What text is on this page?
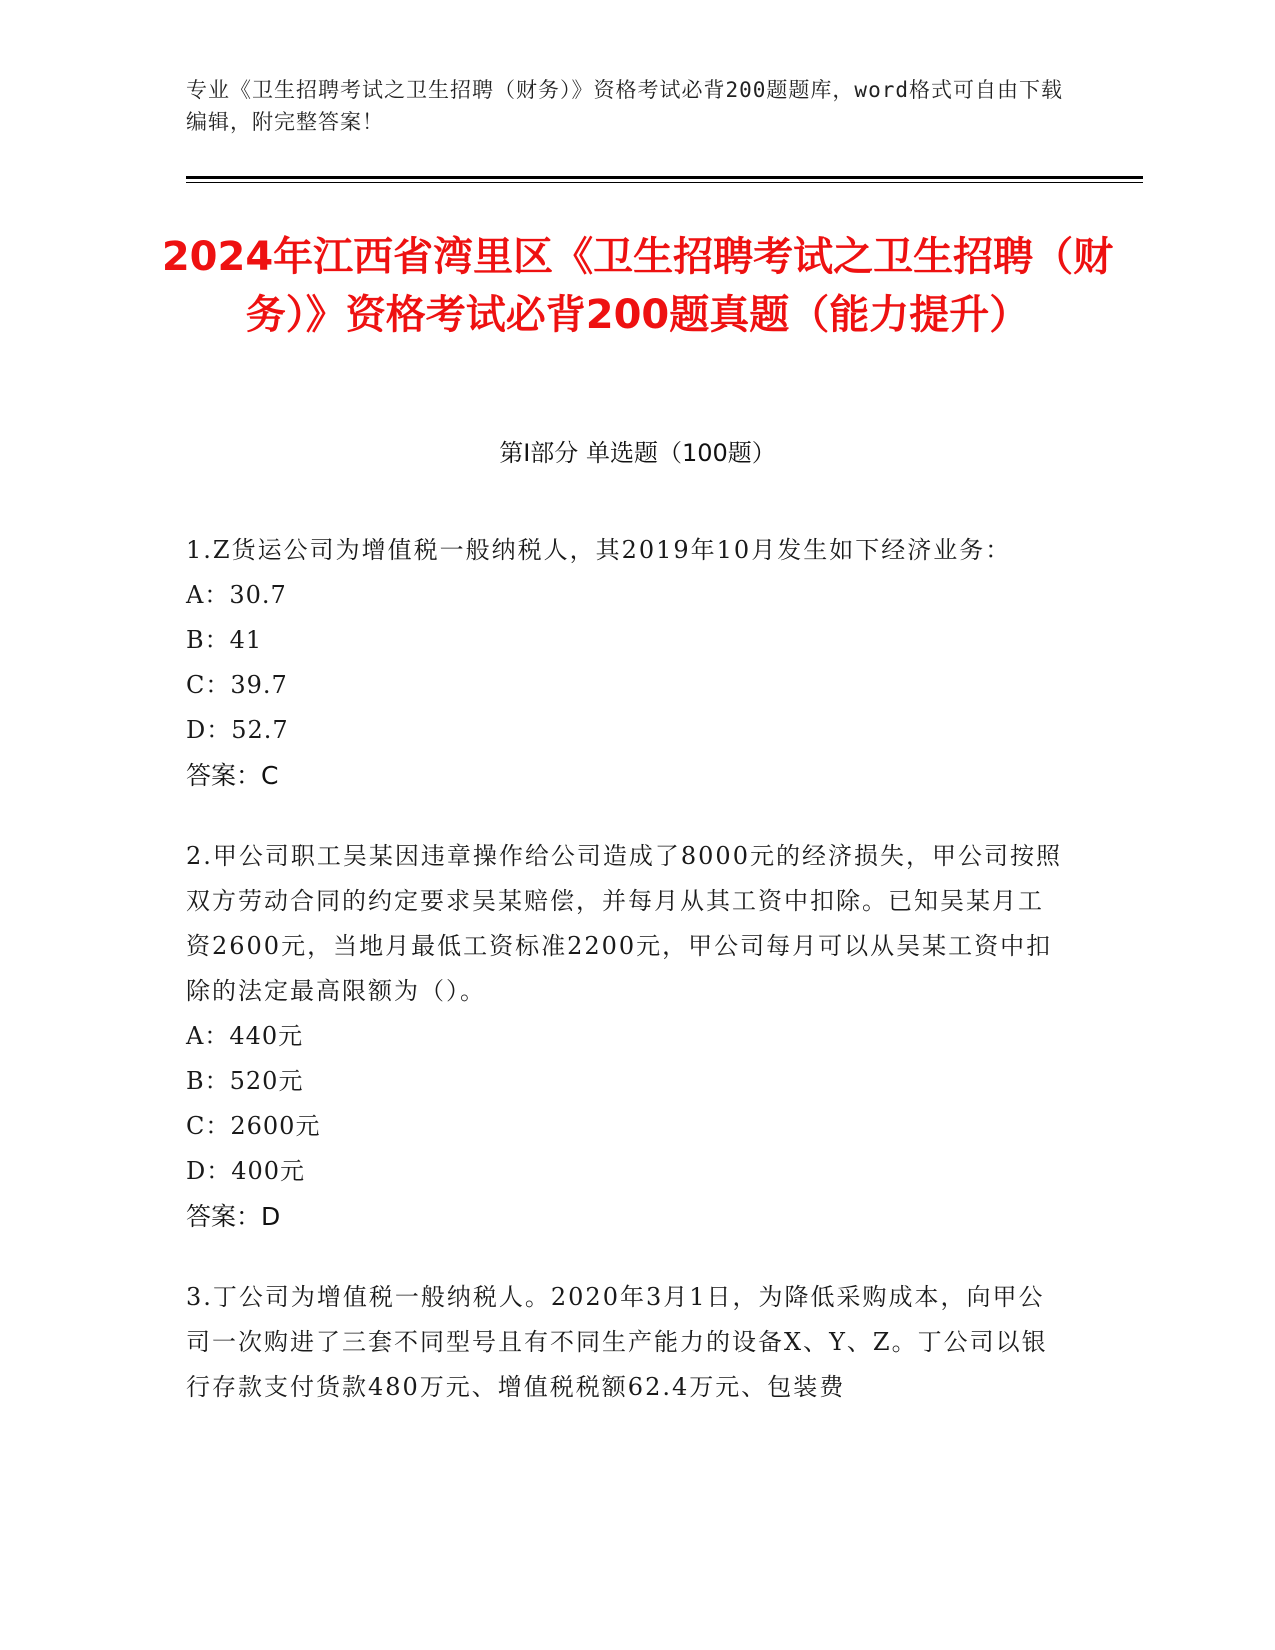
专业《卫生招聘考试之卫生招聘（财务）》资格考试必背200题题库，word格式可自由下载编辑，附完整答案！
2024年江西省湾里区《卫生招聘考试之卫生招聘（财务）》资格考试必背200题真题（能力提升）
第I部分 单选题（100题）

1.Z货运公司为增值税一般纳税人，其2019年10月发生如下经济业务：

A：30.7

B：41

C：39.7

D：52.7

答案：C

2.甲公司职工吴某因违章操作给公司造成了8000元的经济损失，甲公司按照双方劳动合同的约定要求吴某赔偿，并每月从其工资中扣除。已知吴某月工资2600元，当地月最低工资标准2200元，甲公司每月可以从吴某工资中扣除的法定最高限额为（）。

A：440元

B：520元

C：2600元

D：400元

答案：D

3.丁公司为增值税一般纳税人。2020年3月1日，为降低采购成本，向甲公司一次购进了三套不同型号且有不同生产能力的设备X、Y、Z。丁公司以银行存款支付货款480万元、增值税税额62.4万元、包装费
